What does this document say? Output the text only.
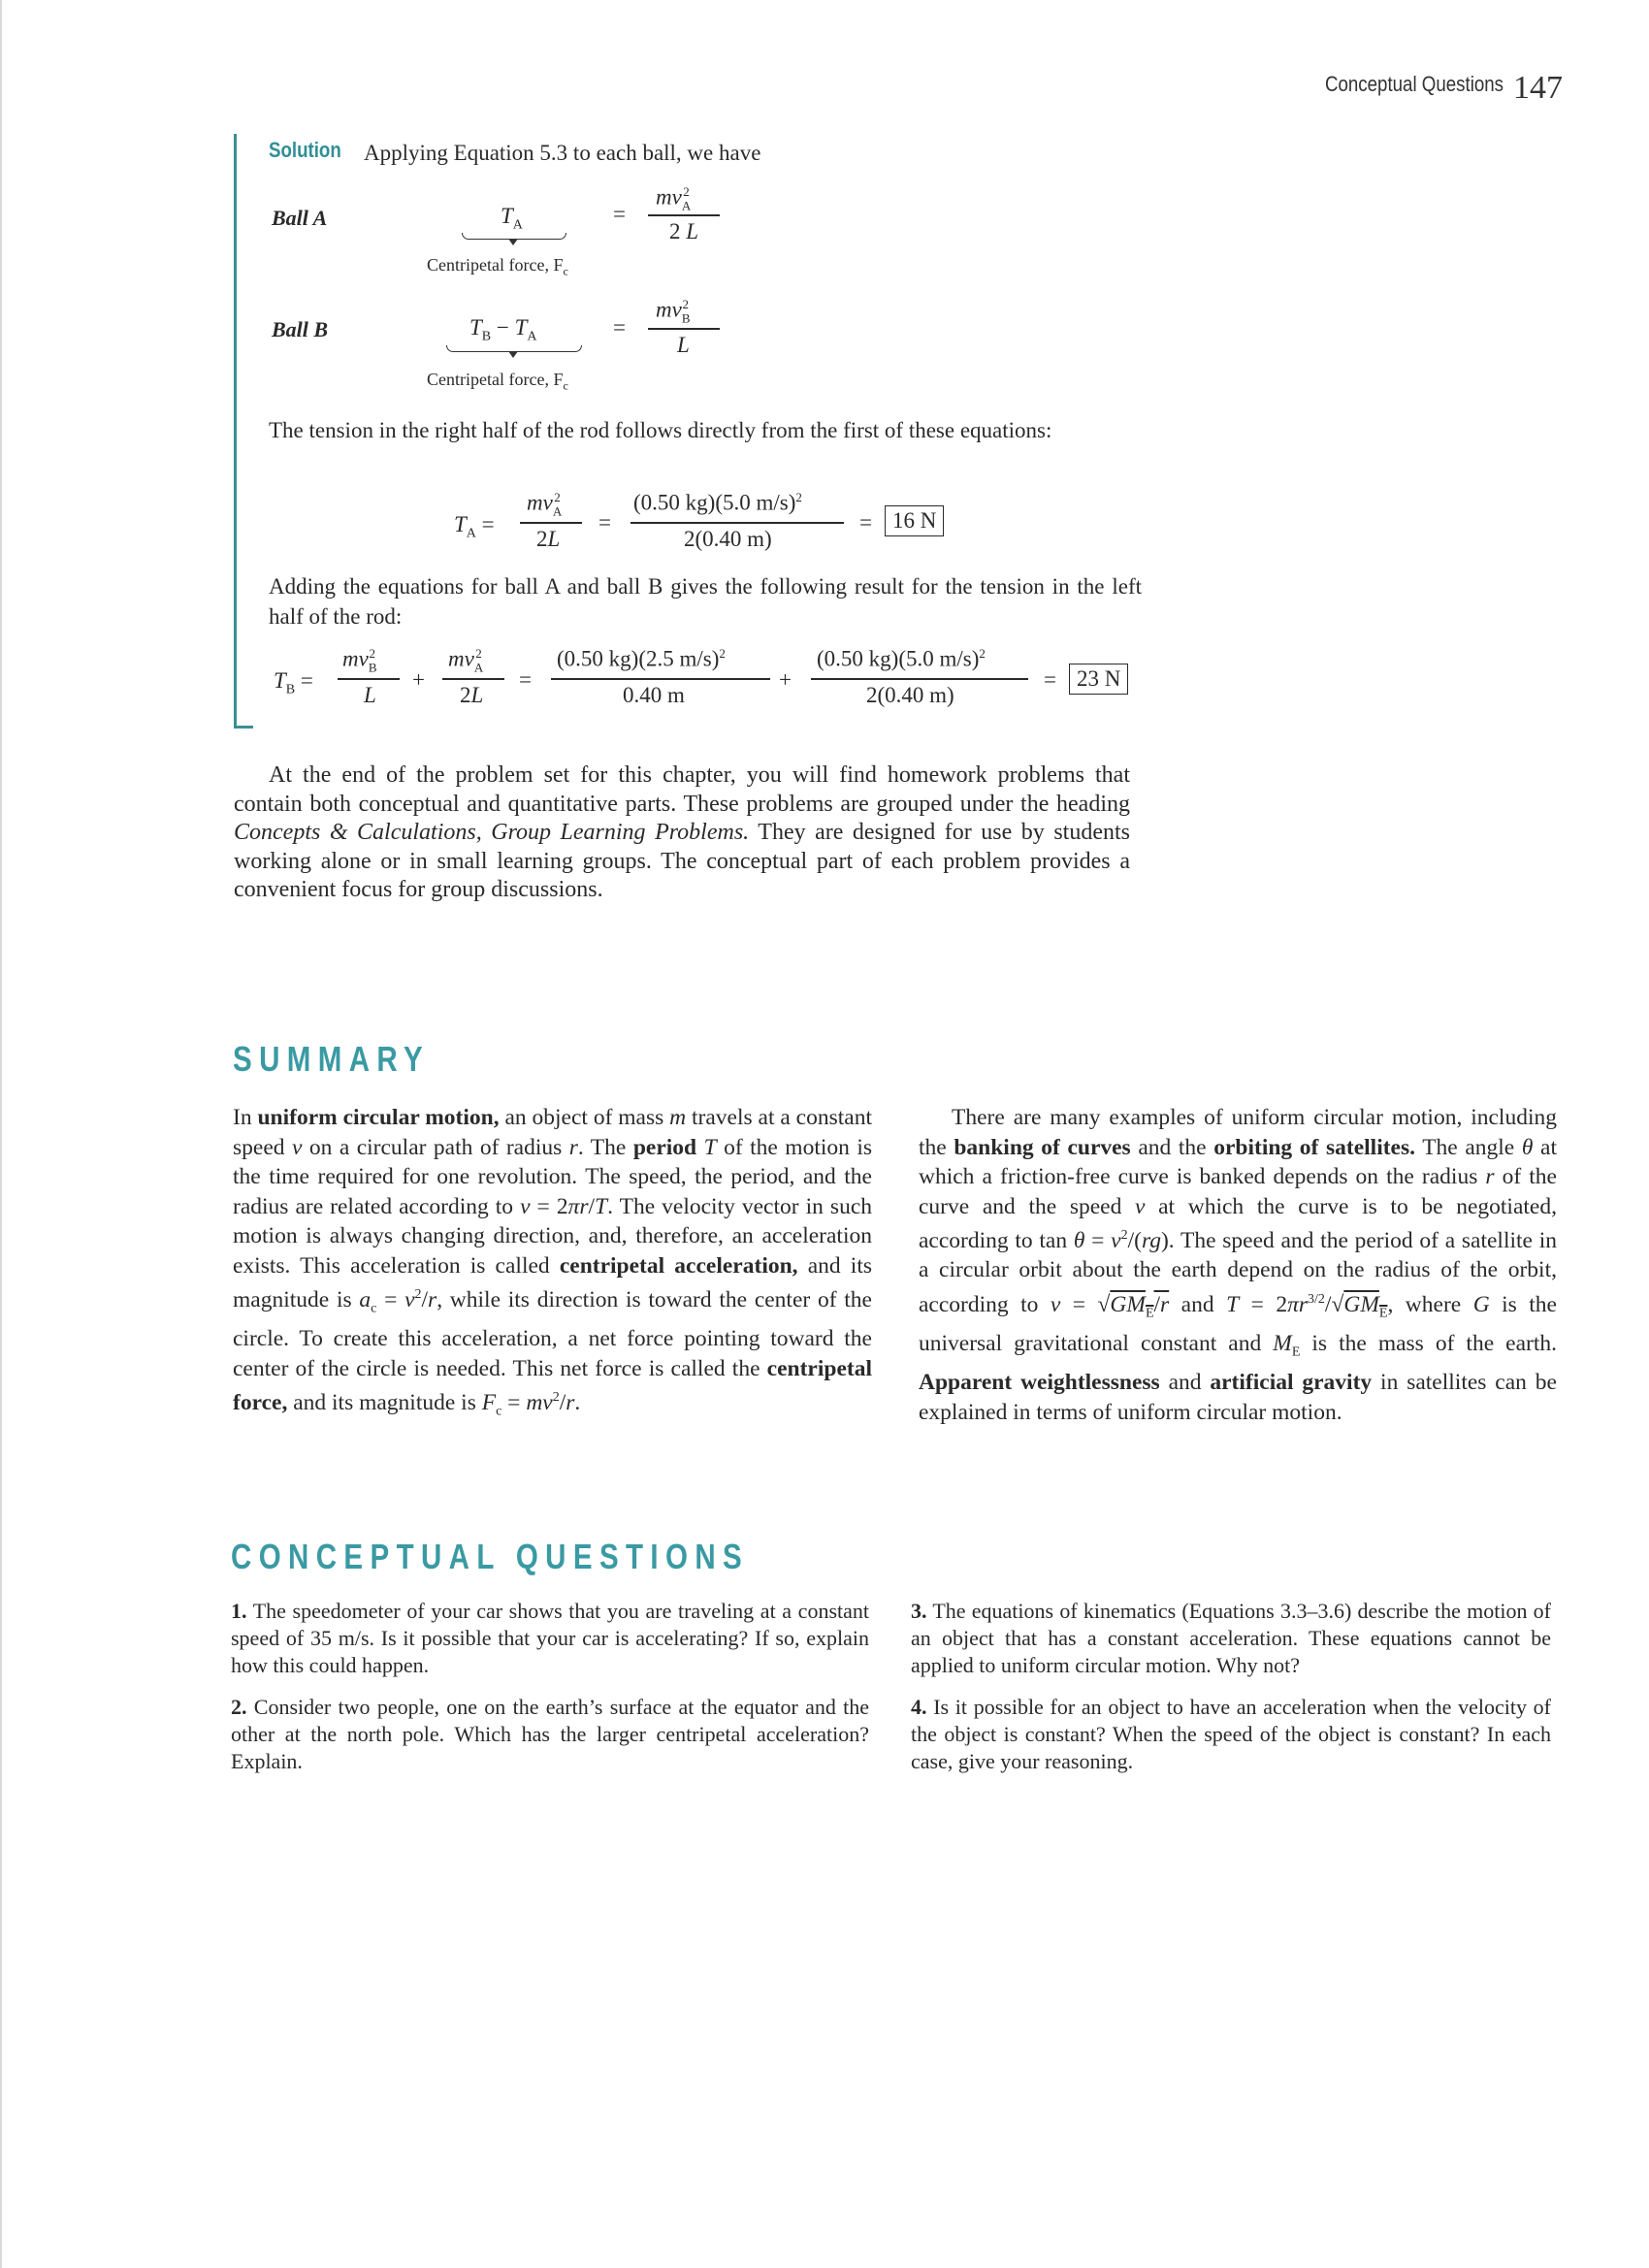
Conceptual Questions 147
Solution Applying Equation 5.3 to each ball, we have
Ball A	$T_A$
Centripetal force, $F_c$
=
$mv_A^2$
2 L
Ball B	$T_B - T_A$
Centripetal force, $F_c$
=
$mv_B^2$
L
The tension in the right half of the rod follows directly from the first of these equations:
$T_A$ =
$mv_A^2$
2L
=
(0.50 kg)(5.0 m/s)$^2$
2(0.40 m)
= 16 N
Adding the equations for ball A and ball B gives the following result for the tension in the left half of the rod:
$T_B$ =
$mv_B^2$
L
+
$mv_A^2$
2L
=
(0.50 kg)(2.5 m/s)$^2$
0.40 m
+
(0.50 kg)(5.0 m/s)$^2$
2(0.40 m)
= 23 N
At the end of the problem set for this chapter, you will find homework problems that contain both conceptual and quantitative parts. These problems are grouped under the heading Concepts & Calculations, Group Learning Problems. They are designed for use by students working alone or in small learning groups. The conceptual part of each problem provides a convenient focus for group discussions.
SUMMARY
In uniform circular motion, an object of mass m travels at a constant speed v on a circular path of radius r. The period T of the motion is the time required for one revolution. The speed, the period, and the radius are related according to v = 2πr/T. The velocity vector in such motion is always changing direction, and, therefore, an acceleration exists. This acceleration is called centripetal acceleration, and its magnitude is $a_c = v^2/r$, while its direction is toward the center of the circle. To create this acceleration, a net force pointing toward the center of the circle is needed. This net force is called the centripetal force, and its magnitude is $F_c = mv^2/r$.
There are many examples of uniform circular motion, including the banking of curves and the orbiting of satellites. The angle θ at which a friction-free curve is banked depends on the radius r of the curve and the speed v at which the curve is to be negotiated, according to $\tan \theta = v^2/(rg)$. The speed and the period of a satellite in a circular orbit about the earth depend on the radius of the orbit, according to $v = √GM_E/r$ and $T = 2\pi r^{3/2}/√GM_E$, where G is the universal gravitational constant and $M_E$ is the mass of the earth. Apparent weightlessness and artificial gravity in satellites can be explained in terms of uniform circular motion.
CONCEPTUAL QUESTIONS
1. The speedometer of your car shows that you are traveling at a constant speed of 35 m/s. Is it possible that your car is accelerating? If so, explain how this could happen.
2. Consider two people, one on the earth’s surface at the equator and the other at the north pole. Which has the larger centripetal acceleration? Explain.
3. The equations of kinematics (Equations 3.3–3.6) describe the motion of an object that has a constant acceleration. These equations cannot be applied to uniform circular motion. Why not?
4. Is it possible for an object to have an acceleration when the velocity of the object is constant? When the speed of the object is constant? In each case, give your reasoning.
